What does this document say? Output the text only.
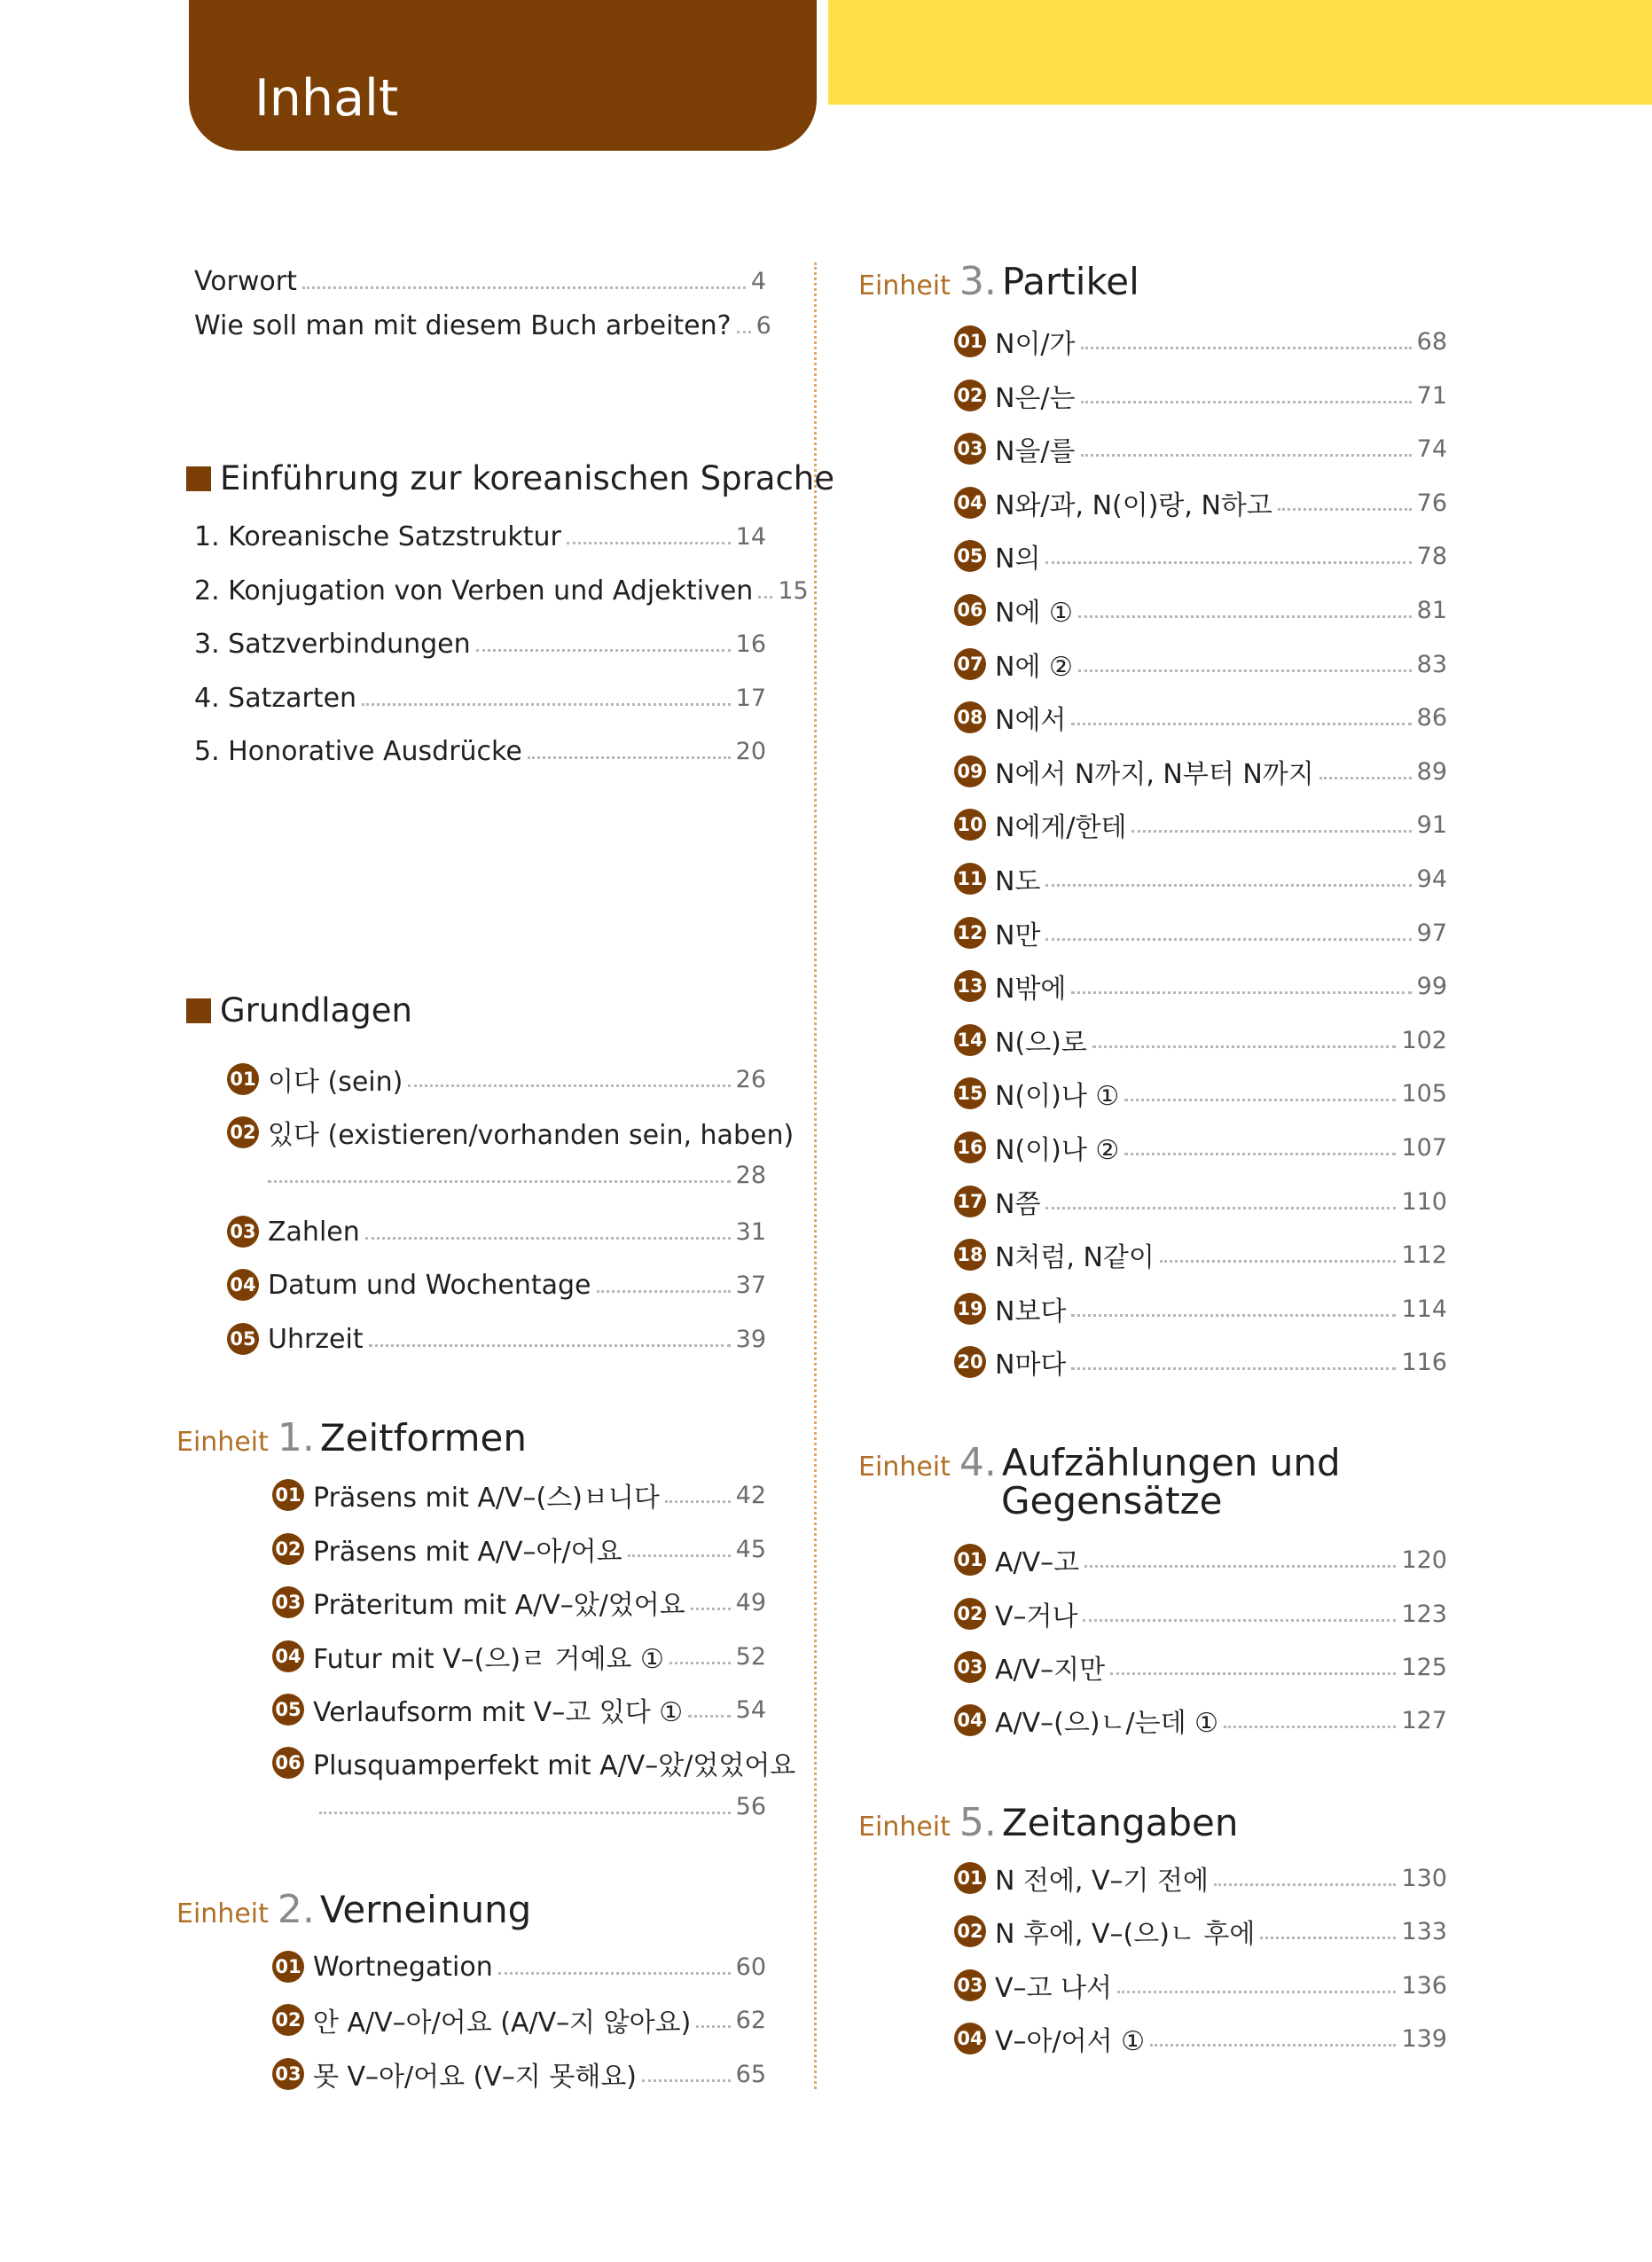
Inhalt
Vorwort	4
Wie soll man mit diesem Buch arbeiten? 6
Einführung zur koreanischen Sprache
1. Koreanische Satzstruktur	14
2. Konjugation von Verben und Adjektiven 15
3. Satzverbindungen	16
4. Satzarten	17
5. Honorative Ausdrücke	20
Grundlagen
01 이다 (sein)	26
02 있다 (existieren/vorhanden sein, haben)
28
03 Zahlen	31
04 Datum und Wochentage	37
05 Uhrzeit	39
Einheit 1. Zeitformen
01 Präsens mit A/V–(스)ㅂ니다	42
02 Präsens mit A/V–아/어요	45
03 Präteritum mit A/V–았/었어요 49
04 Futur mit V–(으)ㄹ 거예요 ①	52
05 Verlaufsorm mit V–고 있다 ① 54
06 Plusquamperfekt mit A/V–았/었었어요
56
Einheit 2. Verneinung
01 Wortnegation	60
02 안 A/V–아/어요 (A/V–지 않아요) 62
03 못 V–아/어요 (V–지 못해요)	65
Einheit 3. Partikel
01 N이/가	68
02 N은/는	71
03 N을/를	74
04 N와/과, N(이)랑, N하고	76
05 N의	78
06 N에 ①	81
07 N에 ②	83
08 N에서	86
09 N에서 N까지, N부터 N까지	89
10 N에게/한테	91
11 N도	94
12 N만	97
13 N밖에	99
14 N(으)로	102
15 N(이)나 ①	105
16 N(이)나 ②	107
17 N쯤	110
18 N처럼, N같이	112
19 N보다	114
20 N마다	116
Einheit 4. Aufzählungen und
Gegensätze
01 A/V–고	120
02 V–거나	123
03 A/V–지만	125
04 A/V–(으)ㄴ/는데 ①	127
Einheit 5. Zeitangaben
01 N 전에, V–기 전에	130
02 N 후에, V–(으)ㄴ 후에	133
03 V–고 나서	136
04 V–아/어서 ①	139
